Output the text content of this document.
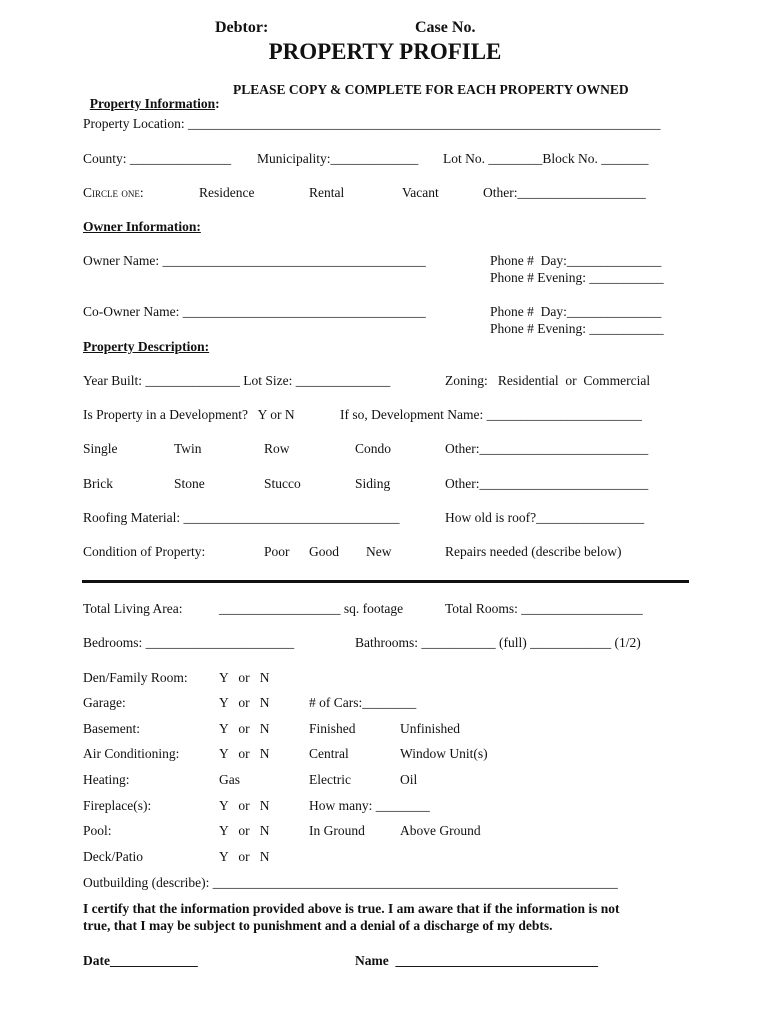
Debtor:	Case No.
PROPERTY PROFILE

Property Information:

PLEASE COPY & COMPLETE FOR EACH PROPERTY OWNED
Property Location: ______________________________________________________________________
County: _______________ Municipality:_____________ Lot No. ________Block No. _______
Circle one:	Residence	Rental	Vacant	Other:___________________
Owner Information:
Owner Name: _______________________________________	Phone #  Day:______________
Phone # Evening: ___________
Co-Owner Name: ____________________________________	Phone #  Day:______________
Phone # Evening: ___________
Property Description:
Year Built: ______________ Lot Size: ______________	Zoning:   Residential  or  Commercial
Is Property in a Development?   Y or N	If so, Development Name: _______________________
Single	Twin	Row	Condo	Other:_________________________
Brick	Stone	Stucco	Siding	Other:_________________________
Roofing Material: ________________________________	How old is roof?________________
Condition of Property:	Poor Good New	Repairs needed (describe below)
Total Living Area:	__________________ sq. footage	Total Rooms: __________________
Bedrooms: ______________________	Bathrooms: ___________ (full) ____________ (1/2)
Den/Family Room: Y   or   N
Garage:	Y   or   N	# of Cars:________
Basement:	Y   or   N	Finished	Unfinished
Air Conditioning:	Y   or   N	Central	Window Unit(s)
Heating:	Gas	Electric	Oil
Fireplace(s):	Y   or   N	How many: ________
Pool:	Y   or   N	In Ground	Above Ground
Deck/Patio	Y   or   N
Outbuilding (describe): ____________________________________________________________
I certify that the information provided above is true. I am aware that if the information is not
true, that I may be subject to punishment and a denial of a discharge of my debts.
Date_____________	Name  ______________________________
